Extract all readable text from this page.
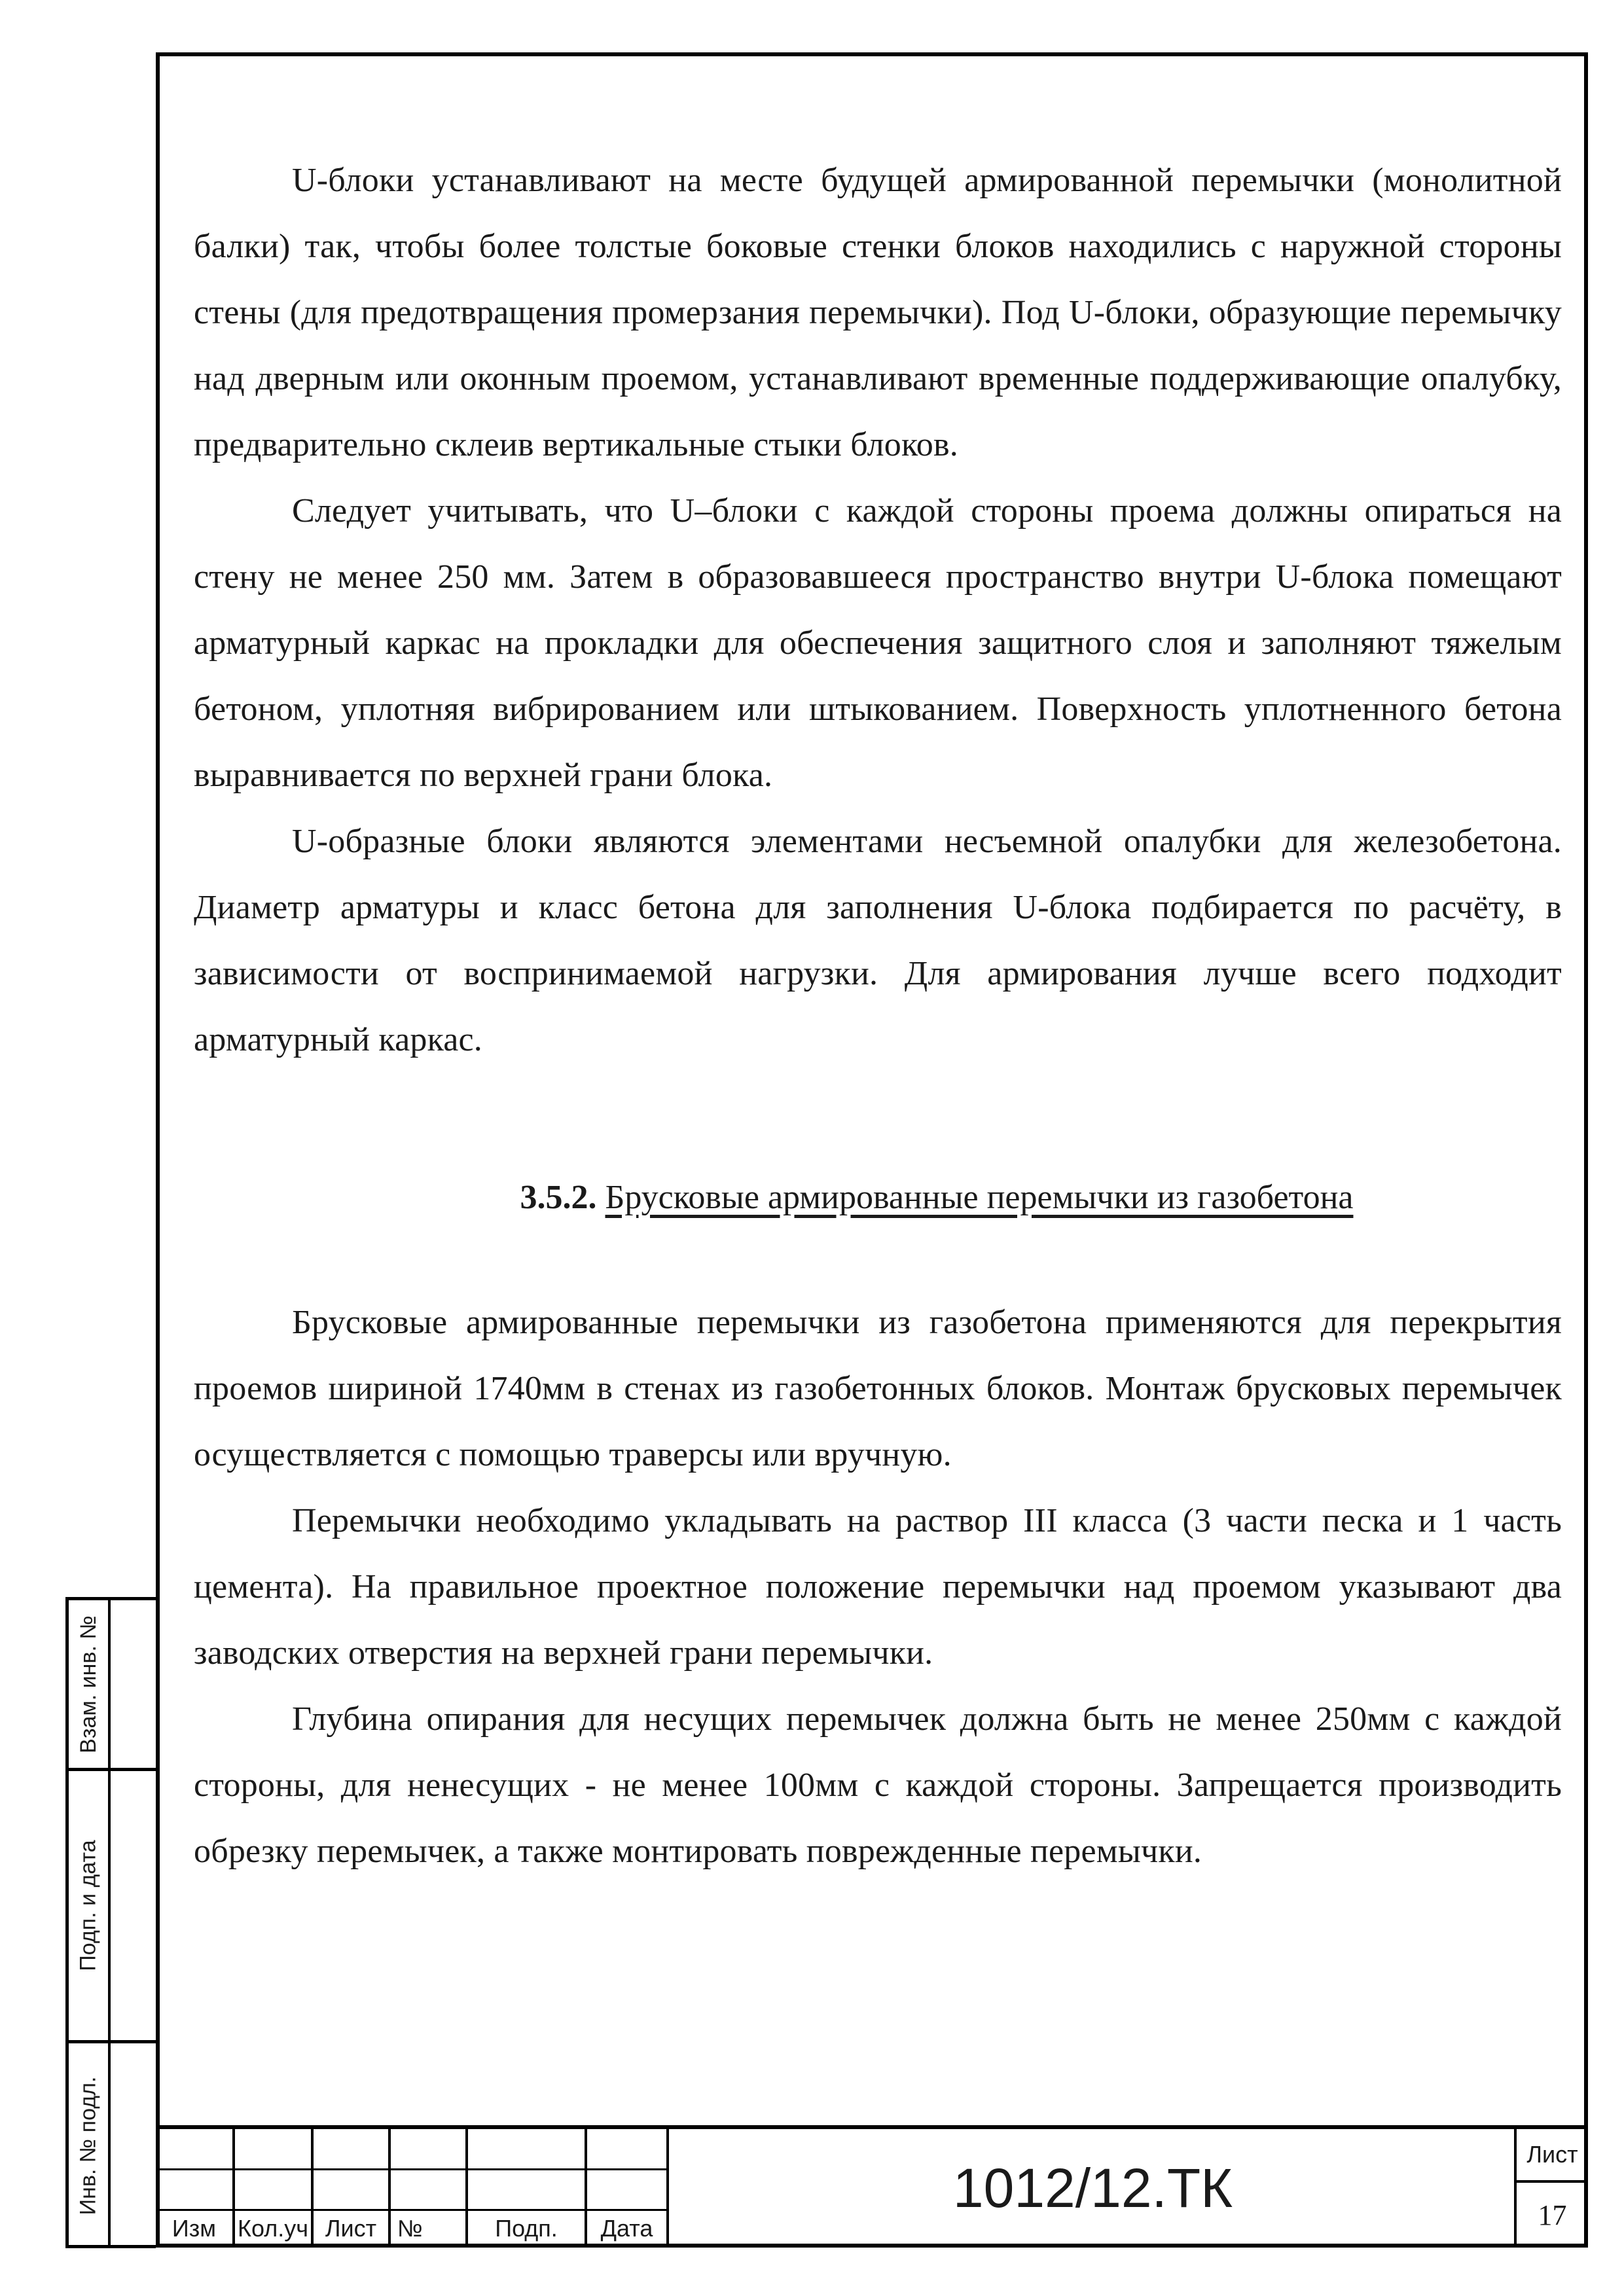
Взам. инв. №
Подп. и дата
Инв. № подл.

U-блоки устанавливают на месте будущей армированной перемычки (монолитной балки) так, чтобы более толстые боковые стенки блоков находились с наружной стороны стены (для предотвращения промерзания перемычки). Под U-блоки, образующие перемычку над дверным или оконным проемом, устанавливают временные поддерживающие опалубку, предварительно склеив вертикальные стыки блоков.

Следует учитывать, что U–блоки с каждой стороны проема должны опираться на стену не менее 250 мм. Затем в образовавшееся пространство внутри U-блока помещают арматурный каркас на прокладки для обеспечения защитного слоя и заполняют тяжелым бетоном, уплотняя вибрированием или штыкованием. Поверхность уплотненного бетона выравнивается по верхней грани блока.

U-образные блоки являются элементами несъемной опалубки для железобетона. Диаметр арматуры и класс бетона для заполнения U-блока подбирается по расчёту, в зависимости от воспринимаемой нагрузки. Для армирования лучше всего подходит арматурный каркас.

3.5.2. Брусковые армированные перемычки из газобетона

Брусковые армированные перемычки из газобетона применяются для перекрытия проемов шириной 1740мм в стенах из газобетонных блоков. Монтаж брусковых перемычек осуществляется с помощью траверсы или вручную.

Перемычки необходимо укладывать на раствор III класса (3 части песка и 1 часть цемента). На правильное проектное положение перемычки над проемом указывают два заводских отверстия на верхней грани перемычки.

Глубина опирания для несущих перемычек должна быть не менее 250мм с каждой стороны, для ненесущих - не менее 100мм с каждой стороны. Запрещается производить обрезку перемычек, а также монтировать поврежденные перемычки.

Изм Кол.уч Лист №	Подп.	Дата
1012/12.ТК
Лист
17
